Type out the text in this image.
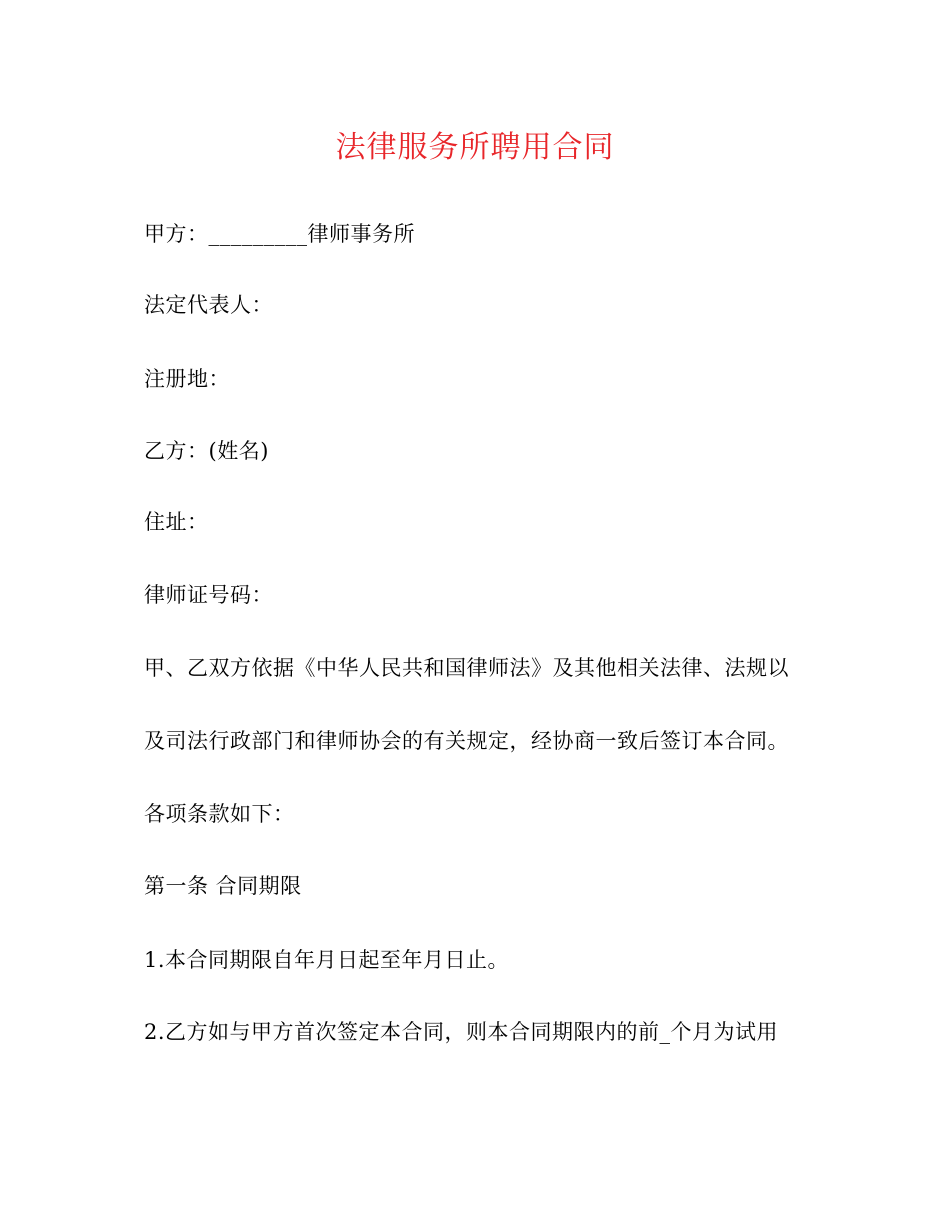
法律服务所聘用合同
甲方：_________律师事务所
法定代表人：
注册地：
乙方：(姓名)
住址：
律师证号码：
甲、乙双方依据《中华人民共和国律师法》及其他相关法律、法规以
及司法行政部门和律师协会的有关规定，经协商一致后签订本合同。
各项条款如下：
第一条 合同期限
1.本合同期限自年月日起至年月日止。
2.乙方如与甲方首次签定本合同，则本合同期限内的前_个月为试用
